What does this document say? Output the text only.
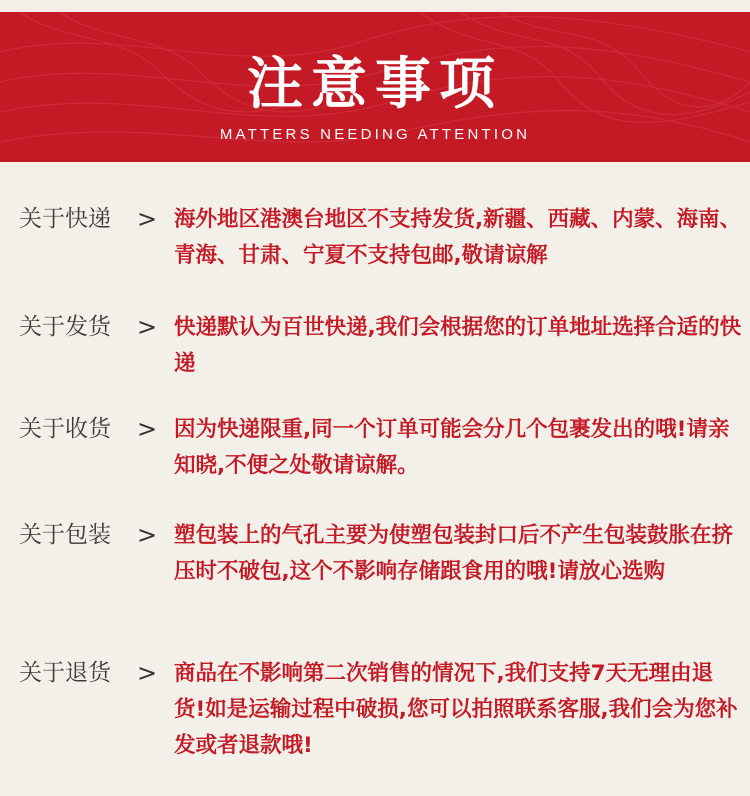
注意事项
MATTERS NEEDING ATTENTION
关于快递 > 海外地区港澳台地区不支持发货,新疆、西藏、内蒙、海南、青海、甘肃、宁夏不支持包邮,敬请谅解
关于发货 > 快递默认为百世快递,我们会根据您的订单地址选择合适的快递
关于收货 > 因为快递限重,同一个订单可能会分几个包裹发出的哦!请亲知晓,不便之处敬请谅解。
关于包装 > 塑包装上的气孔主要为使塑包装封口后不产生包装鼓胀在挤压时不破包,这个不影响存储跟食用的哦!请放心选购
关于退货 > 商品在不影响第二次销售的情况下,我们支持7天无理由退货!如是运输过程中破损,您可以拍照联系客服,我们会为您补发或者退款哦!
